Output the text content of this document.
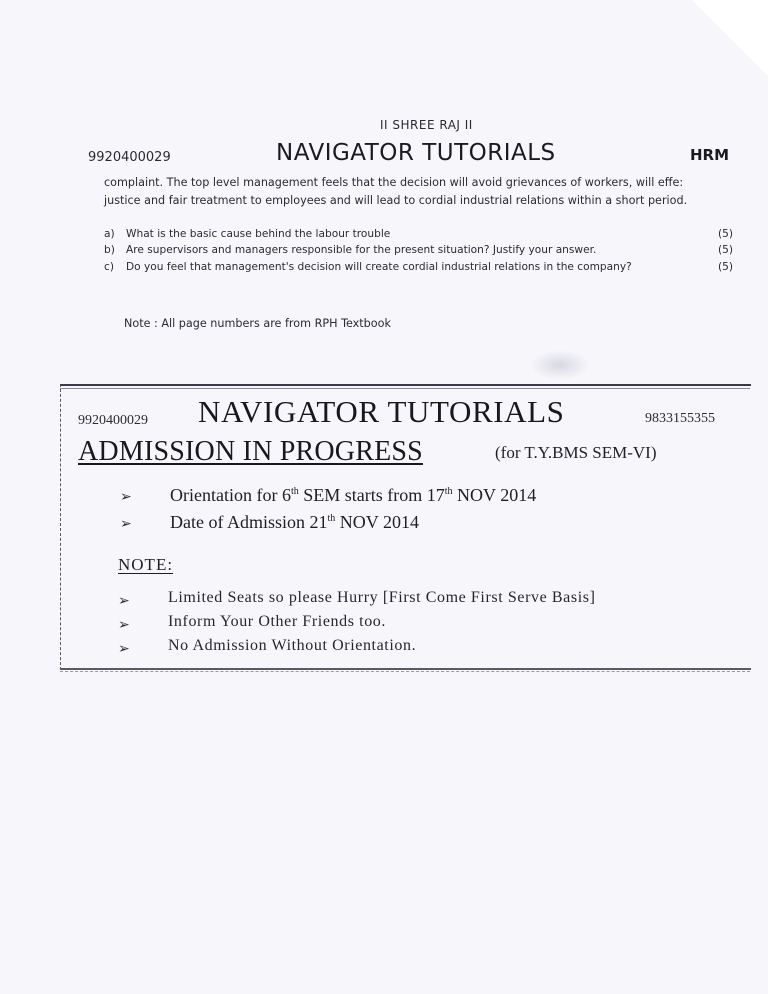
II SHREE RAJ II
9920400029	NAVIGATOR TUTORIALS	HRM
complaint. The top level management feels that the decision will avoid grievances of workers, will effe:
justice and fair treatment to employees and will lead to cordial industrial relations within a short period.
a) What is the basic cause behind the labour trouble	(5)
b) Are supervisors and managers responsible for the present situation? Justify your answer.	(5)
c) Do you feel that management's decision will create cordial industrial relations in the company?	(5)
Note : All page numbers are from RPH Textbook
9920400029 NAVIGATOR TUTORIALS	9833155355
ADMISSION IN PROGRESS	(for T.Y.BMS SEM-VI)
➢ Orientation for 6th SEM starts from 17th NOV 2014
➢ Date of Admission 21th NOV 2014
NOTE:
➢ Limited Seats so please Hurry [First Come First Serve Basis]
➢ Inform Your Other Friends too.
➢ No Admission Without Orientation.
